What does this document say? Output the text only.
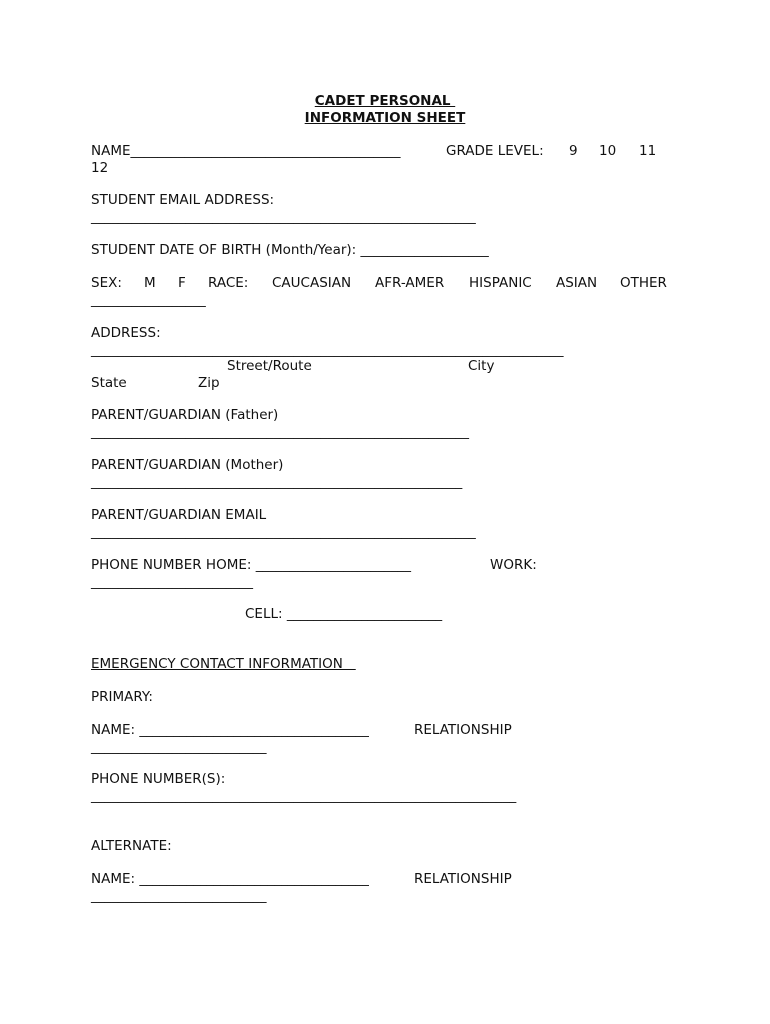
CADET PERSONAL
INFORMATION SHEET
NAME________________________________________	GRADE LEVEL: 9 10 11
12
STUDENT EMAIL ADDRESS:
_________________________________________________________
STUDENT DATE OF BIRTH (Month/Year): ___________________
SEX: M F RACE: CAUCASIAN AFR-AMER HISPANIC ASIAN OTHER
_________________
ADDRESS:
______________________________________________________________________
Street/Route	City
State	Zip
PARENT/GUARDIAN (Father)
________________________________________________________
PARENT/GUARDIAN (Mother)
_______________________________________________________
PARENT/GUARDIAN EMAIL
_________________________________________________________
PHONE NUMBER HOME: _______________________	WORK:
________________________
CELL: _______________________
EMERGENCY CONTACT INFORMATION
PRIMARY:
NAME: __________________________________	RELATIONSHIP
__________________________
PHONE NUMBER(S):
_______________________________________________________________
ALTERNATE:
NAME: __________________________________	RELATIONSHIP
__________________________
